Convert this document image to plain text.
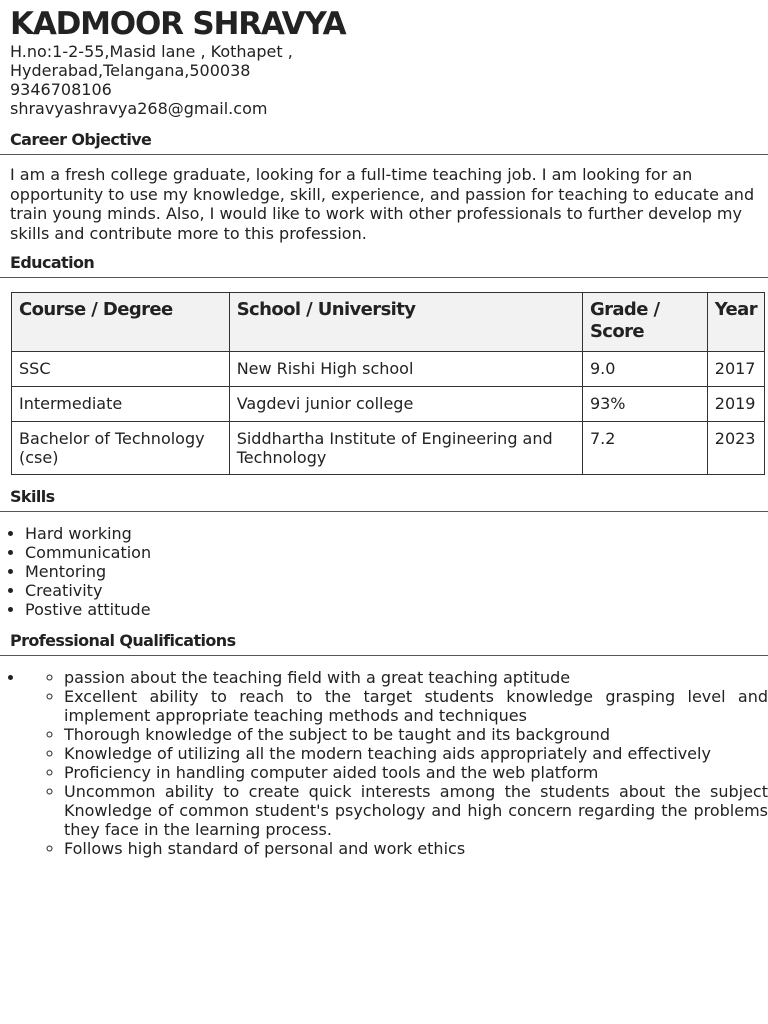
KADMOOR SHRAVYA
H.no:1-2-55,Masid lane , Kothapet ,
Hyderabad,Telangana,500038
9346708106
shravyashravya268@gmail.com
Career Objective

I am a fresh college graduate, looking for a full-time teaching job. I am looking for an opportunity to use my knowledge, skill, experience, and passion for teaching to educate and train young minds. Also, I would like to work with other professionals to further develop my skills and contribute more to this profession.

Education
Course / Degree	School / University	Grade / Score	Year
SSC	New Rishi High school	9.0	2017
Intermediate	Vagdevi junior college	93%	2019
Bachelor of Technology (cse)	Siddhartha Institute of Engineering and Technology	7.2	2023
Skills
• Hard working
• Communication
• Mentoring
• Creativity
• Postive attitude
Professional Qualifications
◦ • passion about the teaching field with a great teaching aptitude
◦ Excellent ability to reach to the target students knowledge grasping level and implement appropriate teaching methods and techniques
◦ Thorough knowledge of the subject to be taught and its background
◦ Knowledge of utilizing all the modern teaching aids appropriately and effectively
◦ Proficiency in handling computer aided tools and the web platform
◦ Uncommon ability to create quick interests among the students about the subject Knowledge of common student's psychology and high concern regarding the problems they face in the learning process.
◦ Follows high standard of personal and work ethics
